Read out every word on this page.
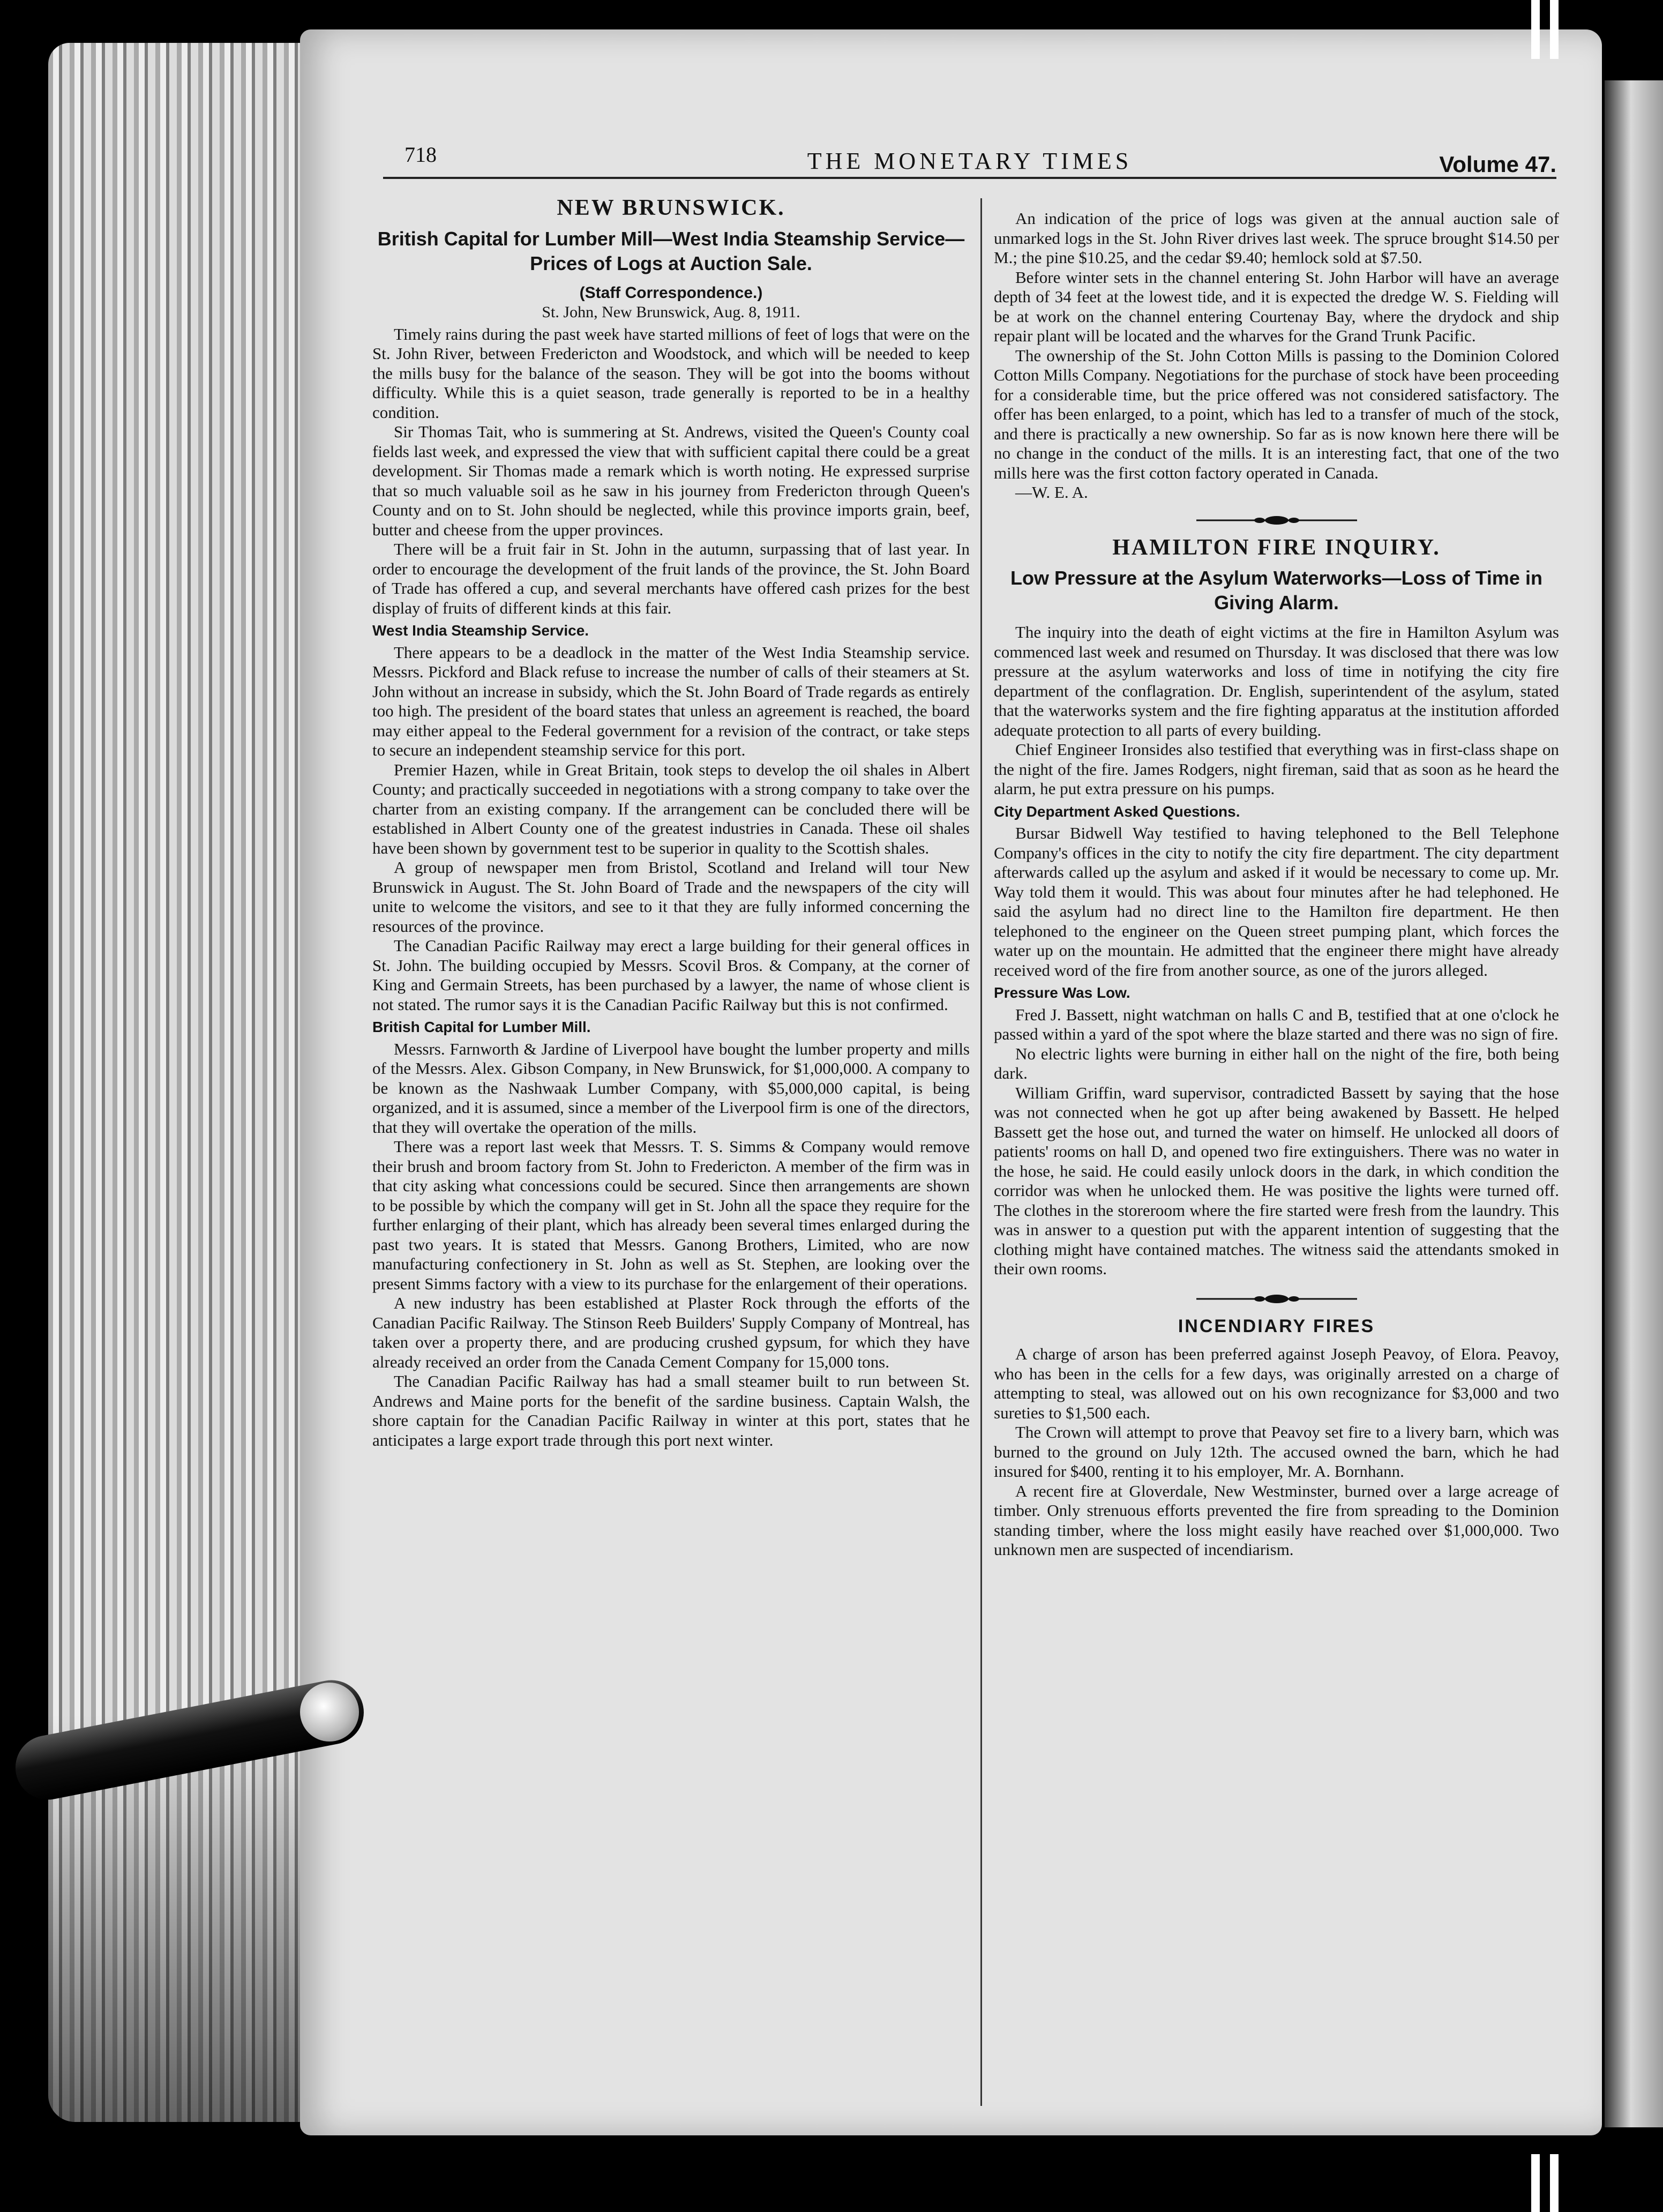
718	THE MONETARY TIMES	Volume 47.
NEW BRUNSWICK.
British Capital for Lumber Mill—West India Steamship Service—Prices of Logs at Auction Sale.
(Staff Correspondence.)
St. John, New Brunswick, Aug. 8, 1911.

Timely rains during the past week have started millions of feet of logs that were on the St. John River, between Fredericton and Woodstock, and which will be needed to keep the mills busy for the balance of the season. They will be got into the booms without difficulty. While this is a quiet season, trade generally is reported to be in a healthy condition.

Sir Thomas Tait, who is summering at St. Andrews, visited the Queen's County coal fields last week, and expressed the view that with sufficient capital there could be a great development. Sir Thomas made a remark which is worth noting. He expressed surprise that so much valuable soil as he saw in his journey from Fredericton through Queen's County and on to St. John should be neglected, while this province imports grain, beef, butter and cheese from the upper provinces.

There will be a fruit fair in St. John in the autumn, surpassing that of last year. In order to encourage the development of the fruit lands of the province, the St. John Board of Trade has offered a cup, and several merchants have offered cash prizes for the best display of fruits of different kinds at this fair.

West India Steamship Service.

There appears to be a deadlock in the matter of the West India Steamship service. Messrs. Pickford and Black refuse to increase the number of calls of their steamers at St. John without an increase in subsidy, which the St. John Board of Trade regards as entirely too high. The president of the board states that unless an agreement is reached, the board may either appeal to the Federal government for a revision of the contract, or take steps to secure an independent steamship service for this port.

Premier Hazen, while in Great Britain, took steps to develop the oil shales in Albert County; and practically succeeded in negotiations with a strong company to take over the charter from an existing company. If the arrangement can be concluded there will be established in Albert County one of the greatest industries in Canada. These oil shales have been shown by government test to be superior in quality to the Scottish shales.

A group of newspaper men from Bristol, Scotland and Ireland will tour New Brunswick in August. The St. John Board of Trade and the newspapers of the city will unite to welcome the visitors, and see to it that they are fully informed concerning the resources of the province.

The Canadian Pacific Railway may erect a large building for their general offices in St. John. The building occupied by Messrs. Scovil Bros. & Company, at the corner of King and Germain Streets, has been purchased by a lawyer, the name of whose client is not stated. The rumor says it is the Canadian Pacific Railway but this is not confirmed.

British Capital for Lumber Mill.

Messrs. Farnworth & Jardine of Liverpool have bought the lumber property and mills of the Messrs. Alex. Gibson Company, in New Brunswick, for $1,000,000. A company to be known as the Nashwaak Lumber Company, with $5,000,000 capital, is being organized, and it is assumed, since a member of the Liverpool firm is one of the directors, that they will overtake the operation of the mills.

There was a report last week that Messrs. T. S. Simms & Company would remove their brush and broom factory from St. John to Fredericton. A member of the firm was in that city asking what concessions could be secured. Since then arrangements are shown to be possible by which the company will get in St. John all the space they require for the further enlarging of their plant, which has already been several times enlarged during the past two years. It is stated that Messrs. Ganong Brothers, Limited, who are now manufacturing confectionery in St. John as well as St. Stephen, are looking over the present Simms factory with a view to its purchase for the enlargement of their operations.

A new industry has been established at Plaster Rock through the efforts of the Canadian Pacific Railway. The Stinson Reeb Builders' Supply Company of Montreal, has taken over a property there, and are producing crushed gypsum, for which they have already received an order from the Canada Cement Company for 15,000 tons.

The Canadian Pacific Railway has had a small steamer built to run between St. Andrews and Maine ports for the benefit of the sardine business. Captain Walsh, the shore captain for the Canadian Pacific Railway in winter at this port, states that he anticipates a large export trade through this port next winter.

An indication of the price of logs was given at the annual auction sale of unmarked logs in the St. John River drives last week. The spruce brought $14.50 per M.; the pine $10.25, and the cedar $9.40; hemlock sold at $7.50.

Before winter sets in the channel entering St. John Harbor will have an average depth of 34 feet at the lowest tide, and it is expected the dredge W. S. Fielding will be at work on the channel entering Courtenay Bay, where the drydock and ship repair plant will be located and the wharves for the Grand Trunk Pacific.

The ownership of the St. John Cotton Mills is passing to the Dominion Colored Cotton Mills Company. Negotiations for the purchase of stock have been proceeding for a considerable time, but the price offered was not considered satisfactory. The offer has been enlarged, to a point, which has led to a transfer of much of the stock, and there is practically a new ownership. So far as is now known here there will be no change in the conduct of the mills. It is an interesting fact, that one of the two mills here was the first cotton factory operated in Canada.

—W. E. A.

HAMILTON FIRE INQUIRY.
Low Pressure at the Asylum Waterworks—Loss of Time in Giving Alarm.

The inquiry into the death of eight victims at the fire in Hamilton Asylum was commenced last week and resumed on Thursday. It was disclosed that there was low pressure at the asylum waterworks and loss of time in notifying the city fire department of the conflagration. Dr. English, superintendent of the asylum, stated that the waterworks system and the fire fighting apparatus at the institution afforded adequate protection to all parts of every building.

Chief Engineer Ironsides also testified that everything was in first-class shape on the night of the fire. James Rodgers, night fireman, said that as soon as he heard the alarm, he put extra pressure on his pumps.

City Department Asked Questions.

Bursar Bidwell Way testified to having telephoned to the Bell Telephone Company's offices in the city to notify the city fire department. The city department afterwards called up the asylum and asked if it would be necessary to come up. Mr. Way told them it would. This was about four minutes after he had telephoned. He said the asylum had no direct line to the Hamilton fire department. He then telephoned to the engineer on the Queen street pumping plant, which forces the water up on the mountain. He admitted that the engineer there might have already received word of the fire from another source, as one of the jurors alleged.

Pressure Was Low.

Fred J. Bassett, night watchman on halls C and B, testified that at one o'clock he passed within a yard of the spot where the blaze started and there was no sign of fire.

No electric lights were burning in either hall on the night of the fire, both being dark.

William Griffin, ward supervisor, contradicted Bassett by saying that the hose was not connected when he got up after being awakened by Bassett. He helped Bassett get the hose out, and turned the water on himself. He unlocked all doors of patients' rooms on hall D, and opened two fire extinguishers. There was no water in the hose, he said. He could easily unlock doors in the dark, in which condition the corridor was when he unlocked them. He was positive the lights were turned off. The clothes in the storeroom where the fire started were fresh from the laundry. This was in answer to a question put with the apparent intention of suggesting that the clothing might have contained matches. The witness said the attendants smoked in their own rooms.

INCENDIARY FIRES

A charge of arson has been preferred against Joseph Peavoy, of Elora. Peavoy, who has been in the cells for a few days, was originally arrested on a charge of attempting to steal, was allowed out on his own recognizance for $3,000 and two sureties to $1,500 each.

The Crown will attempt to prove that Peavoy set fire to a livery barn, which was burned to the ground on July 12th. The accused owned the barn, which he had insured for $400, renting it to his employer, Mr. A. Bornhann.

A recent fire at Gloverdale, New Westminster, burned over a large acreage of timber. Only strenuous efforts prevented the fire from spreading to the Dominion standing timber, where the loss might easily have reached over $1,000,000. Two unknown men are suspected of incendiarism.
